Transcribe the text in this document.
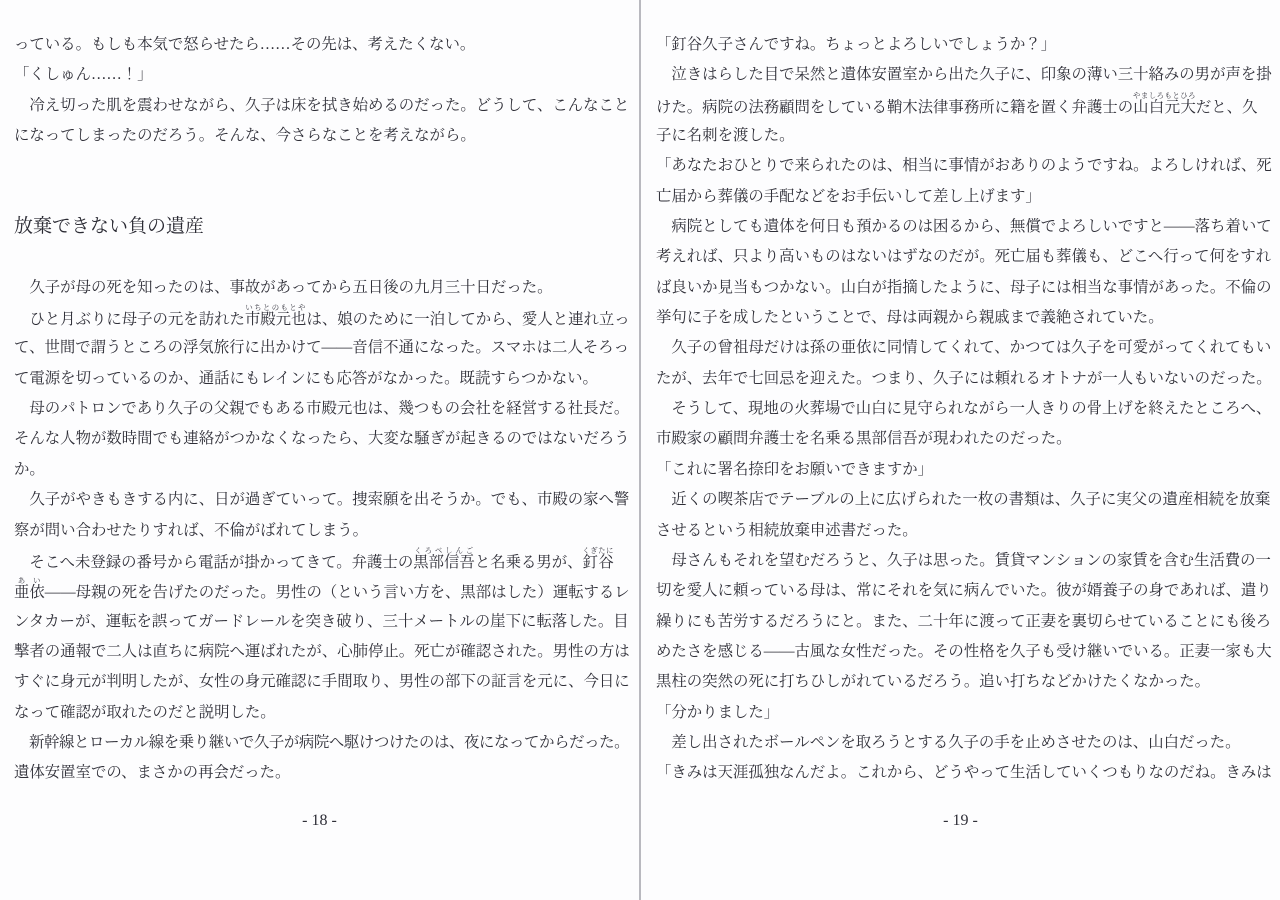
っている。もしも本気で怒らせたら……その先は、考えたくない。
「くしゅん……！」
　冷え切った肌を震わせながら、久子は床を拭き始めるのだった。どうして、こんなこと
になってしまったのだろう。そんな、今さらなことを考えながら。

放棄できない負の遺産

　久子が母の死を知ったのは、事故があってから五日後の九月三十日だった。
　ひと月ぶりに母子の元を訪れた市殿元也いちとのもとやは、娘のために一泊してから、愛人と連れ立っ
て、世間で謂うところの浮気旅行に出かけて——音信不通になった。スマホは二人そろっ
て電源を切っているのか、通話にもレインにも応答がなかった。既読すらつかない。
　母のパトロンであり久子の父親でもある市殿元也は、幾つもの会社を経営する社長だ。
そんな人物が数時間でも連絡がつかなくなったら、大変な騒ぎが起きるのではないだろう
か。
　久子がやきもきする内に、日が過ぎていって。捜索願を出そうか。でも、市殿の家へ警
察が問い合わせたりすれば、不倫がばれてしまう。
　そこへ未登録の番号から電話が掛かってきて。弁護士の黒部信吾くろべしんごと名乗る男が、釘谷くぎたに
亜依あい——母親の死を告げたのだった。男性の（という言い方を、黒部はした）運転するレ
ンタカーが、運転を誤ってガードレールを突き破り、三十メートルの崖下に転落した。目
撃者の通報で二人は直ちに病院へ運ばれたが、心肺停止。死亡が確認された。男性の方は
すぐに身元が判明したが、女性の身元確認に手間取り、男性の部下の証言を元に、今日に
なって確認が取れたのだと説明した。
　新幹線とローカル線を乗り継いで久子が病院へ駆けつけたのは、夜になってからだった。
遺体安置室での、まさかの再会だった。
- 18 -
「釘谷久子さんですね。ちょっとよろしいでしょうか？」
　泣きはらした目で呆然と遺体安置室から出た久子に、印象の薄い三十絡みの男が声を掛
けた。病院の法務顧問をしている鞘木法律事務所に籍を置く弁護士の山白元大やましろもとひろだと、久
子に名刺を渡した。
「あなたおひとりで来られたのは、相当に事情がおありのようですね。よろしければ、死
亡届から葬儀の手配などをお手伝いして差し上げます」
　病院としても遺体を何日も預かるのは困るから、無償でよろしいですと——落ち着いて
考えれば、只より高いものはないはずなのだが。死亡届も葬儀も、どこへ行って何をすれ
ば良いか見当もつかない。山白が指摘したように、母子には相当な事情があった。不倫の
挙句に子を成したということで、母は両親から親戚まで義絶されていた。
　久子の曾祖母だけは孫の亜依に同情してくれて、かつては久子を可愛がってくれてもい
たが、去年で七回忌を迎えた。つまり、久子には頼れるオトナが一人もいないのだった。
　そうして、現地の火葬場で山白に見守られながら一人きりの骨上げを終えたところへ、
市殿家の顧問弁護士を名乗る黒部信吾が現われたのだった。
「これに署名捺印をお願いできますか」
　近くの喫茶店でテーブルの上に広げられた一枚の書類は、久子に実父の遺産相続を放棄
させるという相続放棄申述書だった。
　母さんもそれを望むだろうと、久子は思った。賃貸マンションの家賃を含む生活費の一
切を愛人に頼っている母は、常にそれを気に病んでいた。彼が婿養子の身であれば、遣り
繰りにも苦労するだろうにと。また、二十年に渡って正妻を裏切らせていることにも後ろ
めたさを感じる——古風な女性だった。その性格を久子も受け継いでいる。正妻一家も大
黒柱の突然の死に打ちひしがれているだろう。追い打ちなどかけたくなかった。
「分かりました」
　差し出されたボールペンを取ろうとする久子の手を止めさせたのは、山白だった。
「きみは天涯孤独なんだよ。これから、どうやって生活していくつもりなのだね。きみは
- 19 -
